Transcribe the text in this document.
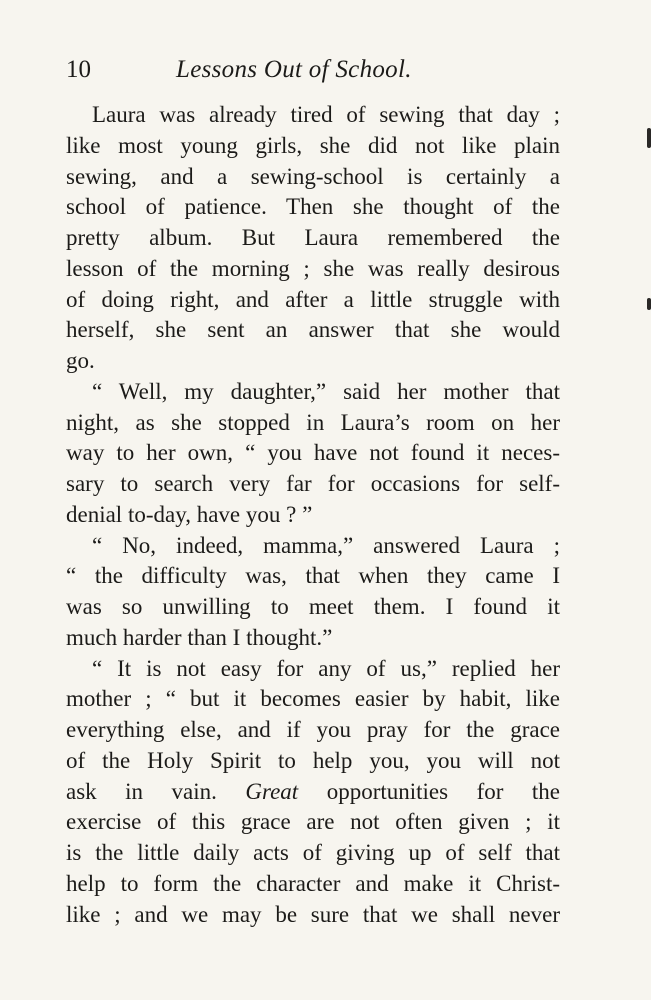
10	Lessons Out of School.
Laura was already tired of sewing that day ;
like most young girls, she did not like plain
sewing, and a sewing-school is certainly a
school of patience. Then she thought of the
pretty album. But Laura remembered the
lesson of the morning ; she was really desirous
of doing right, and after a little struggle with
herself, she sent an answer that she would
go.
“ Well, my daughter,” said her mother that
night, as she stopped in Laura’s room on her
way to her own, “ you have not found it neces-
sary to search very far for occasions for self-
denial to-day, have you ? ”
“ No, indeed, mamma,” answered Laura ;
“ the difficulty was, that when they came I
was so unwilling to meet them. I found it
much harder than I thought.”
“ It is not easy for any of us,” replied her
mother ; “ but it becomes easier by habit, like
everything else, and if you pray for the grace
of the Holy Spirit to help you, you will not
ask in vain. Great opportunities for the
exercise of this grace are not often given ; it
is the little daily acts of giving up of self that
help to form the character and make it Christ-
like ; and we may be sure that we shall never
